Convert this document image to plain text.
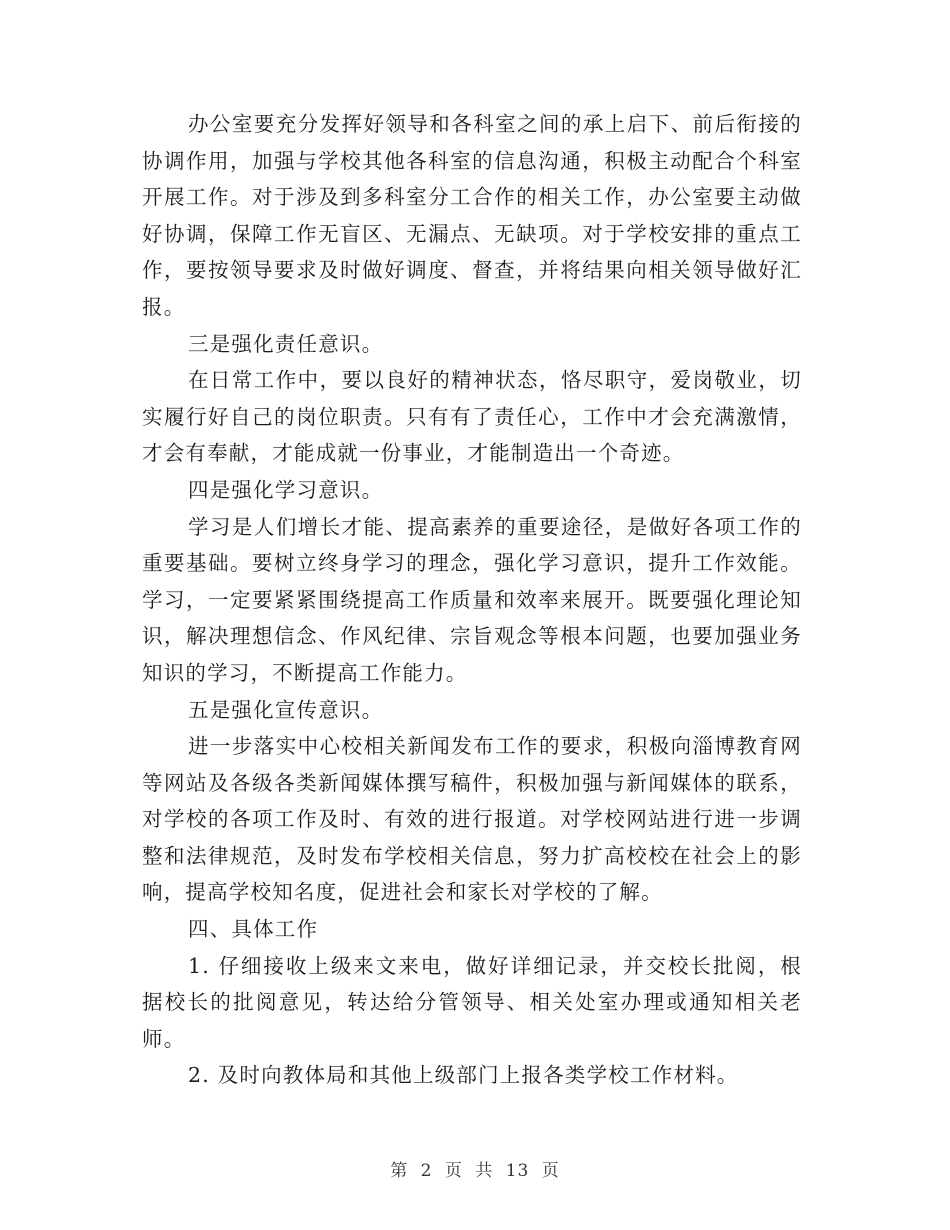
办公室要充分发挥好领导和各科室之间的承上启下、前后衔接的协调作用，加强与学校其他各科室的信息沟通，积极主动配合个科室开展工作。对于涉及到多科室分工合作的相关工作，办公室要主动做好协调，保障工作无盲区、无漏点、无缺项。对于学校安排的重点工作，要按领导要求及时做好调度、督查，并将结果向相关领导做好汇报。

三是强化责任意识。

在日常工作中，要以良好的精神状态，恪尽职守，爱岗敬业，切实履行好自己的岗位职责。只有有了责任心，工作中才会充满激情，才会有奉献，才能成就一份事业，才能制造出一个奇迹。

四是强化学习意识。

学习是人们增长才能、提高素养的重要途径，是做好各项工作的重要基础。要树立终身学习的理念，强化学习意识，提升工作效能。学习，一定要紧紧围绕提高工作质量和效率来展开。既要强化理论知识，解决理想信念、作风纪律、宗旨观念等根本问题，也要加强业务知识的学习，不断提高工作能力。

五是强化宣传意识。

进一步落实中心校相关新闻发布工作的要求，积极向淄博教育网等网站及各级各类新闻媒体撰写稿件，积极加强与新闻媒体的联系，对学校的各项工作及时、有效的进行报道。对学校网站进行进一步调整和法律规范，及时发布学校相关信息，努力扩高校校在社会上的影响，提高学校知名度，促进社会和家长对学校的了解。

四、具体工作

1. 仔细接收上级来文来电，做好详细记录，并交校长批阅，根据校长的批阅意见，转达给分管领导、相关处室办理或通知相关老师。

2. 及时向教体局和其他上级部门上报各类学校工作材料。

第 2 页 共 13 页
